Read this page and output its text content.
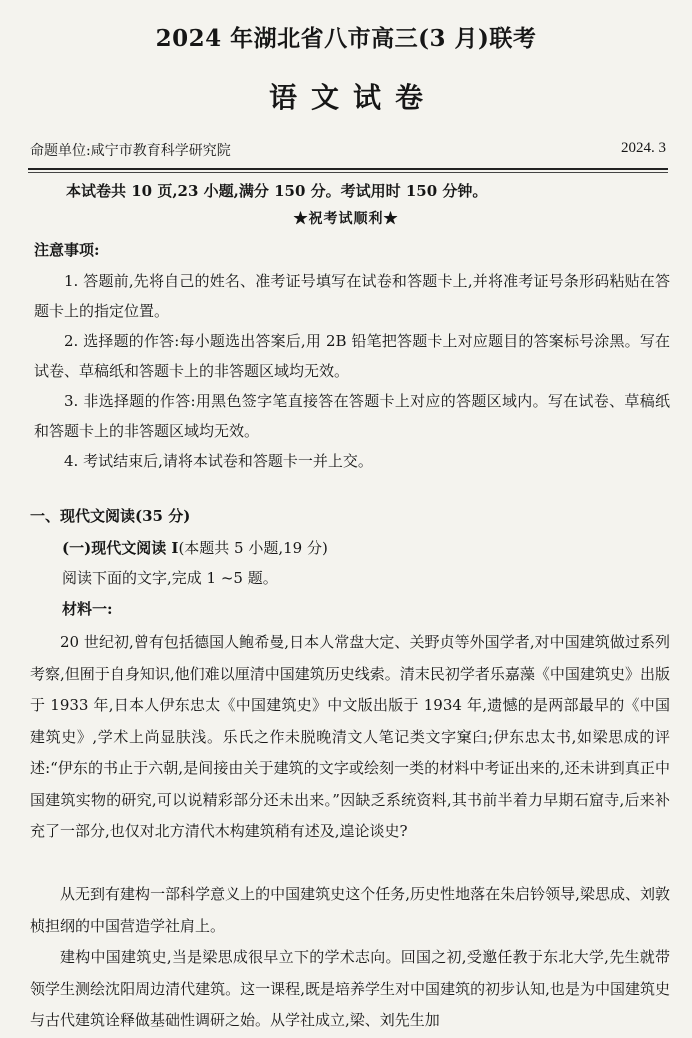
2024 年湖北省八市高三(3 月)联考
语文试卷
命题单位:咸宁市教育科学研究院	2024. 3
本试卷共 10 页,23 小题,满分 150 分。考试用时 150 分钟。
★祝考试顺利★
注意事项:
1. 答题前,先将自己的姓名、准考证号填写在试卷和答题卡上,并将准考证号条形码粘贴在答题卡上的指定位置。
2. 选择题的作答:每小题选出答案后,用 2B 铅笔把答题卡上对应题目的答案标号涂黑。写在试卷、草稿纸和答题卡上的非答题区域均无效。
3. 非选择题的作答:用黑色签字笔直接答在答题卡上对应的答题区域内。写在试卷、草稿纸和答题卡上的非答题区域均无效。
4. 考试结束后,请将本试卷和答题卡一并上交。
一、现代文阅读(35 分)
(一)现代文阅读 Ⅰ(本题共 5 小题,19 分)
阅读下面的文字,完成 1 ~5 题。
材料一:
20 世纪初,曾有包括德国人鲍希曼,日本人常盘大定、关野贞等外国学者,对中国建筑做过系列考察,但囿于自身知识,他们难以厘清中国建筑历史线索。清末民初学者乐嘉藻《中国建筑史》出版于 1933 年,日本人伊东忠太《中国建筑史》中文版出版于 1934 年,遗憾的是两部最早的《中国建筑史》,学术上尚显肤浅。乐氏之作未脱晚清文人笔记类文字窠臼;伊东忠太书,如梁思成的评述:“伊东的书止于六朝,是间接由关于建筑的文字或绘刻一类的材料中考证出来的,还未讲到真正中国建筑实物的研究,可以说精彩部分还未出来。”因缺乏系统资料,其书前半着力早期石窟寺,后来补充了一部分,也仅对北方清代木构建筑稍有述及,遑论谈史?
从无到有建构一部科学意义上的中国建筑史这个任务,历史性地落在朱启钤领导,梁思成、刘敦桢担纲的中国营造学社肩上。
建构中国建筑史,当是梁思成很早立下的学术志向。回国之初,受邀任教于东北大学,先生就带领学生测绘沈阳周边清代建筑。这一课程,既是培养学生对中国建筑的初步认知,也是为中国建筑史与古代建筑诠释做基础性调研之始。从学社成立,梁、刘先生加
